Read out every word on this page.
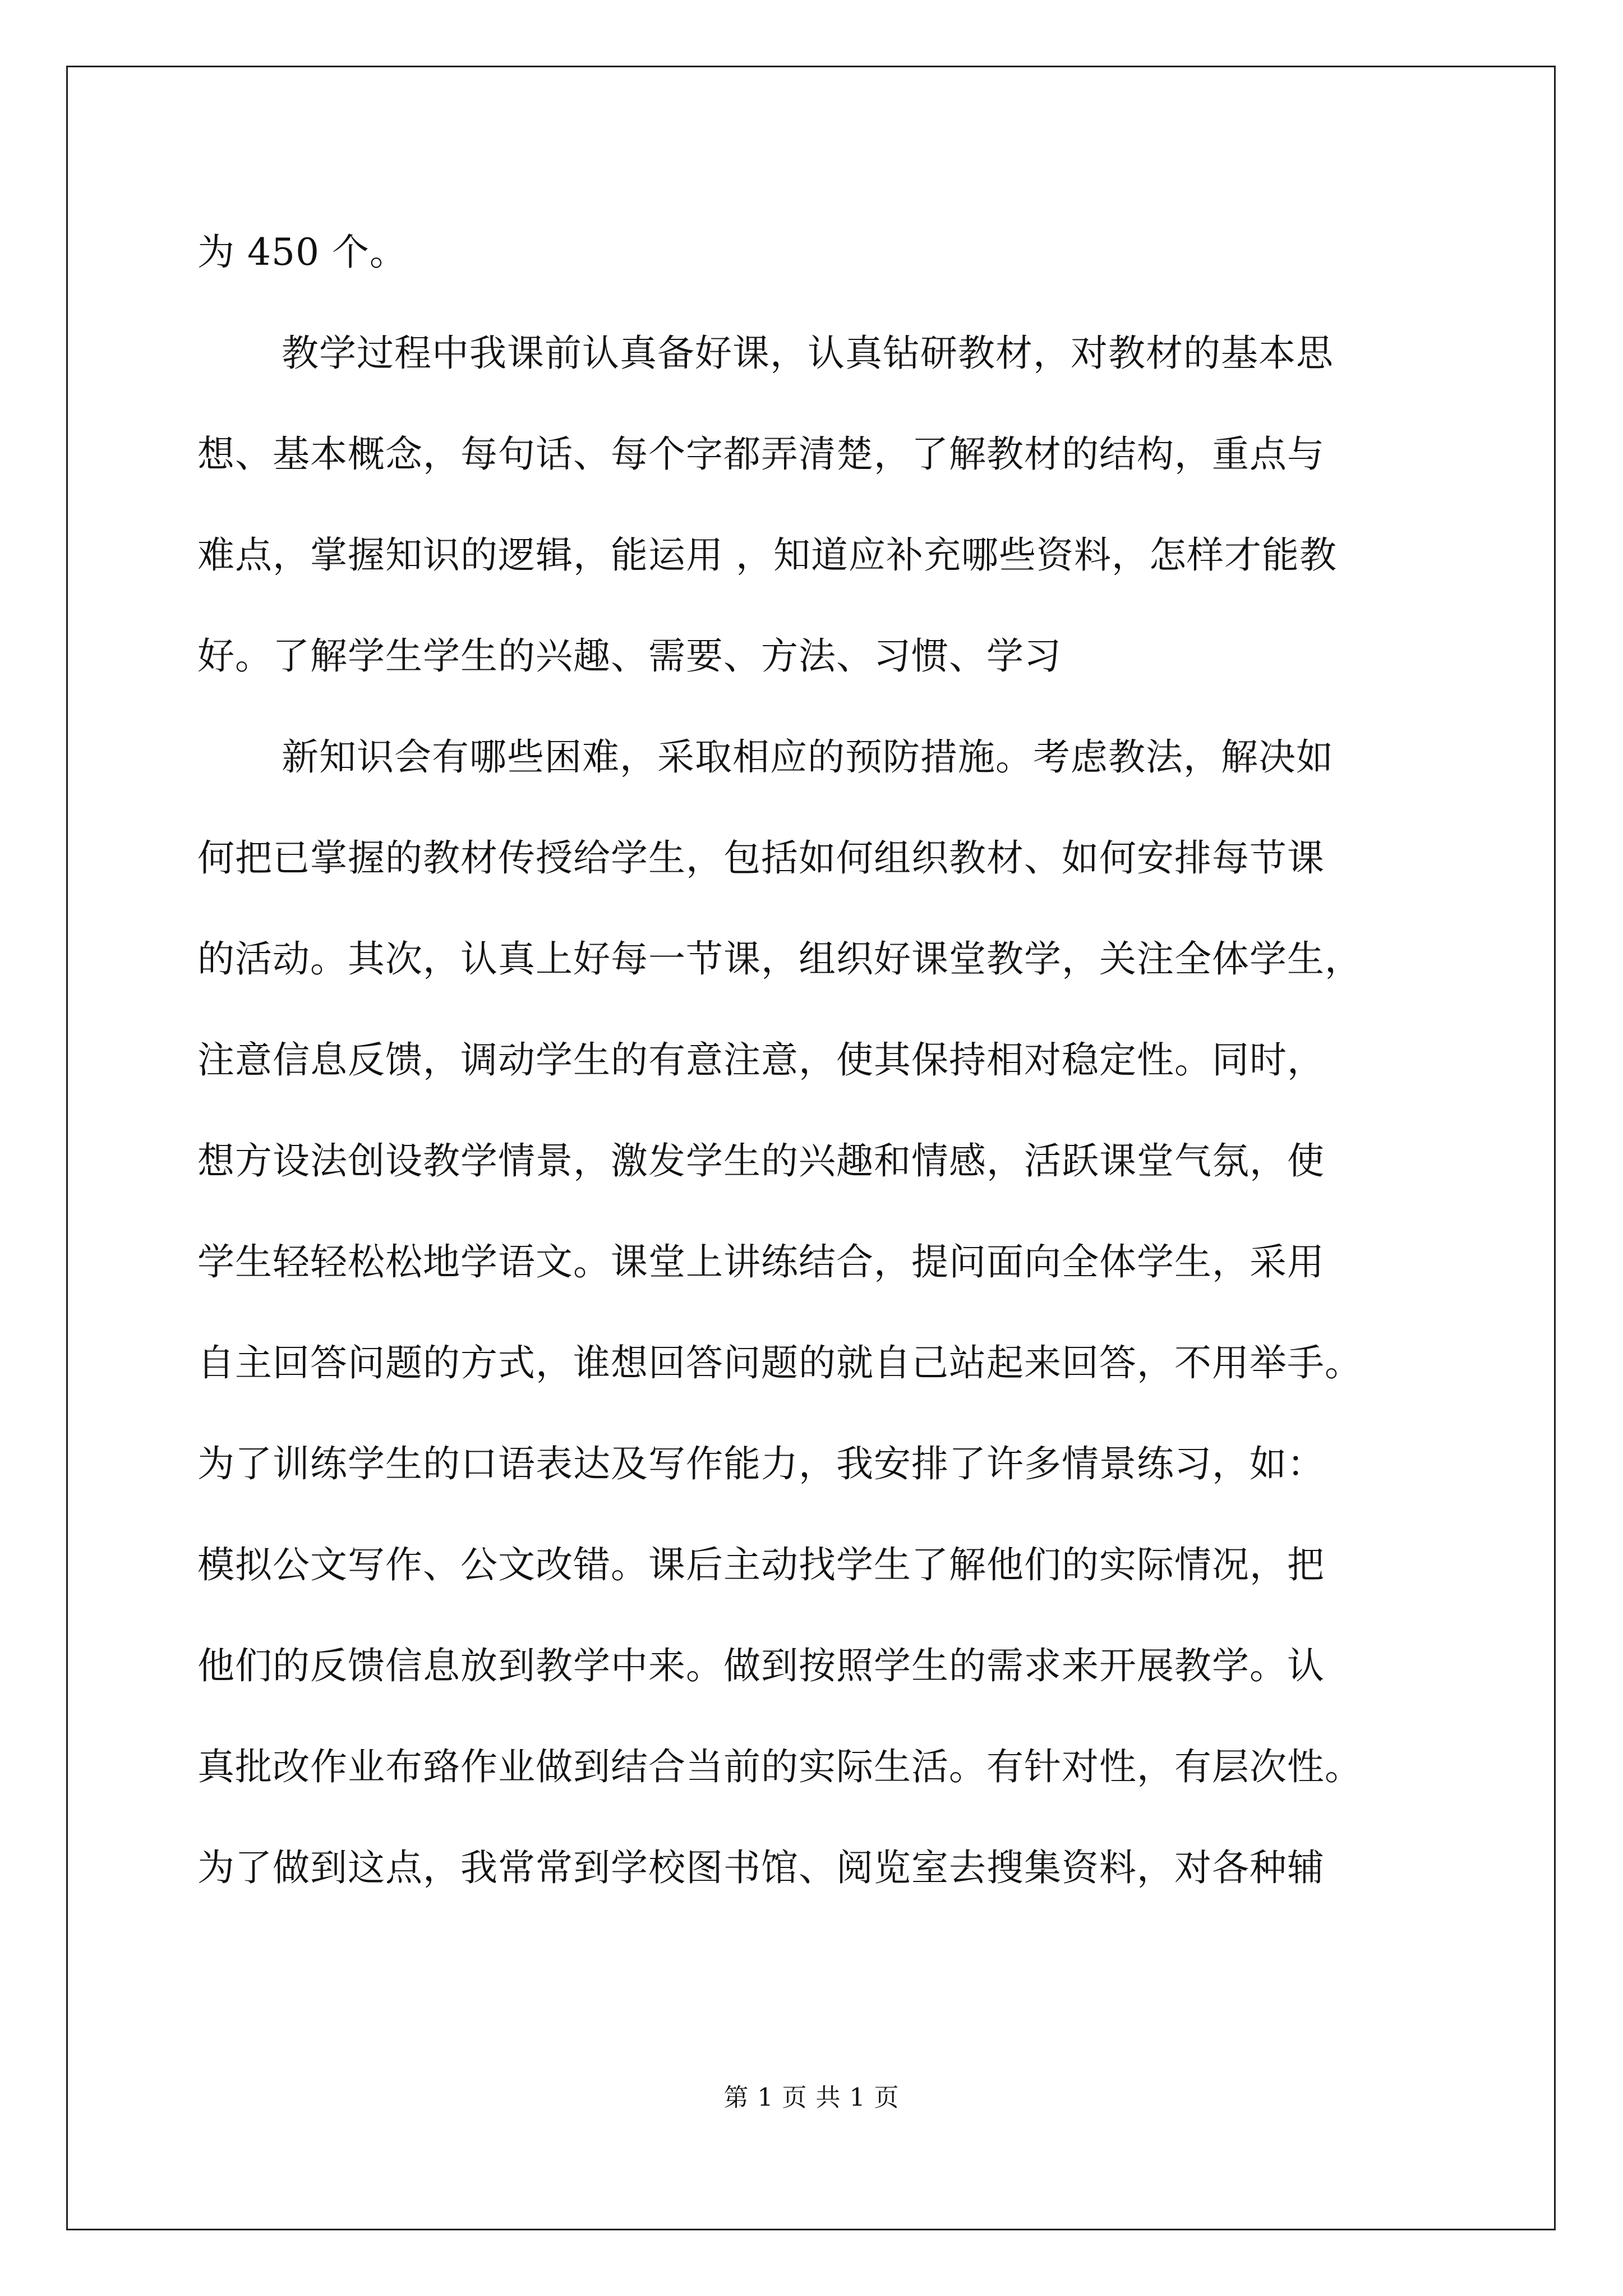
为 450 个。
教学过程中我课前认真备好课，认真钻研教材，对教材的基本思
想、基本概念，每句话、每个字都弄清楚，了解教材的结构，重点与
难点，掌握知识的逻辑，能运用 ，知道应补充哪些资料，怎样才能教
好。了解学生学生的兴趣、需要、方法、习惯、学习
新知识会有哪些困难，采取相应的预防措施。考虑教法，解决如
何把已掌握的教材传授给学生，包括如何组织教材、如何安排每节课
的活动。其次，认真上好每一节课，组织好课堂教学，关注全体学生，
注意信息反馈，调动学生的有意注意，使其保持相对稳定性。同时，
想方设法创设教学情景，激发学生的兴趣和情感，活跃课堂气氛，使
学生轻轻松松地学语文。课堂上讲练结合，提问面向全体学生，采用
自主回答问题的方式，谁想回答问题的就自己站起来回答，不用举手。
为了训练学生的口语表达及写作能力，我安排了许多情景练习，如：
模拟公文写作、公文改错。课后主动找学生了解他们的实际情况，把
他们的反馈信息放到教学中来。做到按照学生的需求来开展教学。认
真批改作业布臵作业做到结合当前的实际生活。有针对性，有层次性。
为了做到这点，我常常到学校图书馆、阅览室去搜集资料，对各种辅
第 1 页 共 1 页
